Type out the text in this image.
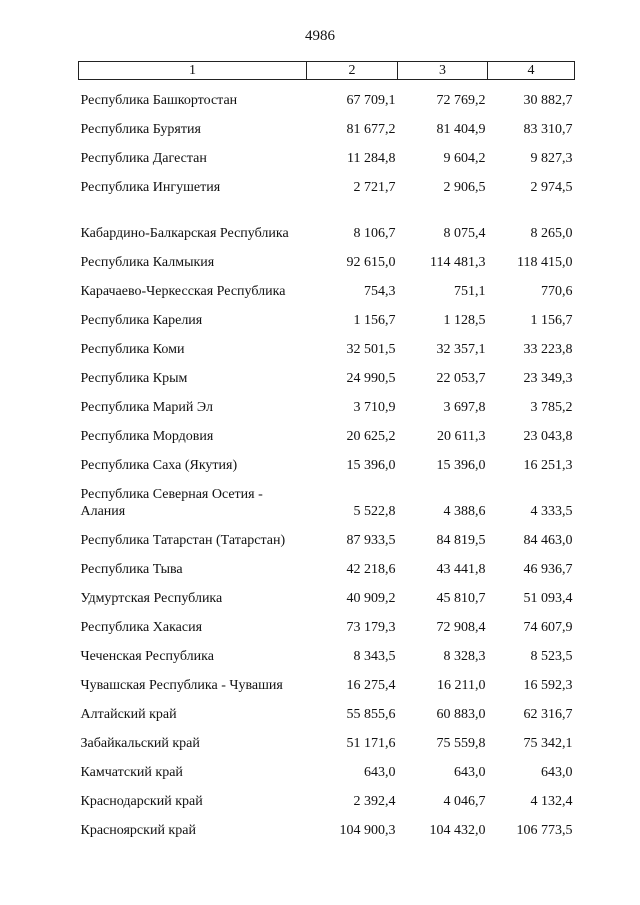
4986
1	2	3	4
Республика Башкортостан	67 709,1	72 769,2	30 882,7
Республика Бурятия	81 677,2	81 404,9	83 310,7
Республика Дагестан	11 284,8	9 604,2	9 827,3
Республика Ингушетия	2 721,7	2 906,5	2 974,5
Кабардино-Балкарская Республика	8 106,7	8 075,4	8 265,0
Республика Калмыкия	92 615,0	114 481,3	118 415,0
Карачаево-Черкесская Республика	754,3	751,1	770,6
Республика Карелия	1 156,7	1 128,5	1 156,7
Республика Коми	32 501,5	32 357,1	33 223,8
Республика Крым	24 990,5	22 053,7	23 349,3
Республика Марий Эл	3 710,9	3 697,8	3 785,2
Республика Мордовия	20 625,2	20 611,3	23 043,8
Республика Саха (Якутия)	15 396,0	15 396,0	16 251,3
Республика Северная Осетия - Алания	5 522,8	4 388,6	4 333,5
Республика Татарстан (Татарстан)	87 933,5	84 819,5	84 463,0
Республика Тыва	42 218,6	43 441,8	46 936,7
Удмуртская Республика	40 909,2	45 810,7	51 093,4
Республика Хакасия	73 179,3	72 908,4	74 607,9
Чеченская Республика	8 343,5	8 328,3	8 523,5
Чувашская Республика - Чувашия	16 275,4	16 211,0	16 592,3
Алтайский край	55 855,6	60 883,0	62 316,7
Забайкальский край	51 171,6	75 559,8	75 342,1
Камчатский край	643,0	643,0	643,0
Краснодарский край	2 392,4	4 046,7	4 132,4
Красноярский край	104 900,3	104 432,0	106 773,5
